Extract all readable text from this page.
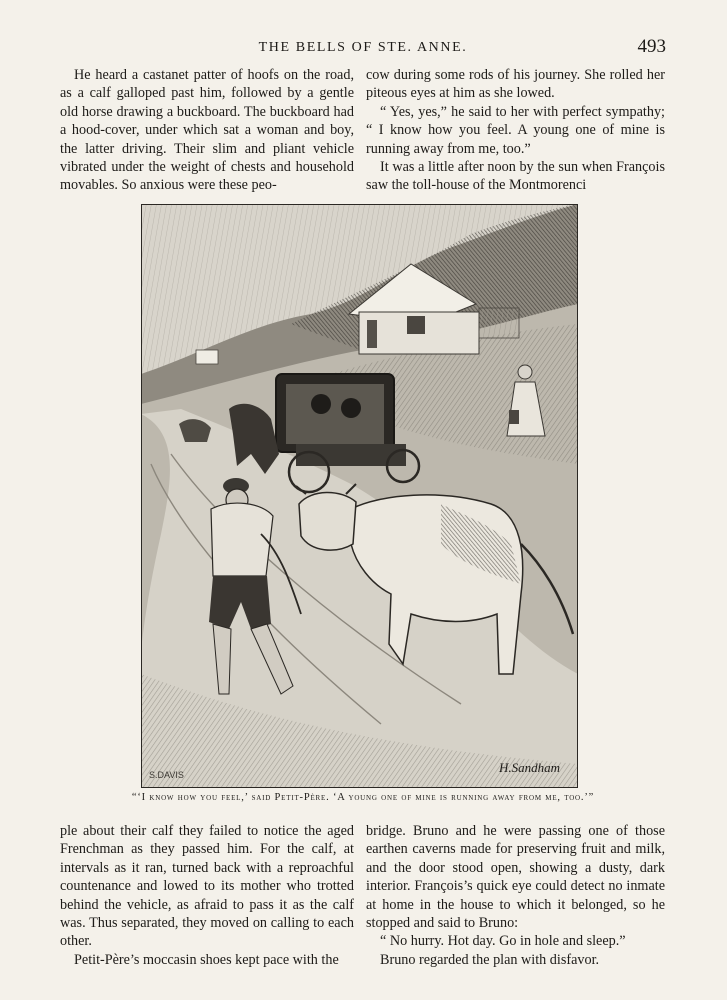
THE BELLS OF STE. ANNE.	493

He heard a castanet patter of hoofs on the road, as a calf galloped past him, followed by a gentle old horse drawing a buckboard. The buckboard had a hood-cover, under which sat a woman and boy, the latter driving. Their slim and pliant vehicle vibrated under the weight of chests and household movables. So anxious were these peo-

cow during some rods of his journey. She rolled her piteous eyes at him as she lowed.

“ Yes, yes,” he said to her with perfect sympathy; “ I know how you feel. A young one of mine is running away from me, too.”

It was a little after noon by the sun when François saw the toll-house of the Montmorenci

S.DAVIS	H.Sandham
“‘I know how you feel,’ said Petit-Père. ‘A young one of mine is running away from me, too.’”

ple about their calf they failed to notice the aged Frenchman as they passed him. For the calf, at intervals as it ran, turned back with a reproachful countenance and lowed to its mother who trotted behind the vehicle, as afraid to pass it as the calf was. Thus separated, they moved on calling to each other.

Petit-Père’s moccasin shoes kept pace with the

bridge. Bruno and he were passing one of those earthen caverns made for preserving fruit and milk, and the door stood open, showing a dusty, dark interior. François’s quick eye could detect no inmate at home in the house to which it belonged, so he stopped and said to Bruno:

“ No hurry. Hot day. Go in hole and sleep.”

Bruno regarded the plan with disfavor.
